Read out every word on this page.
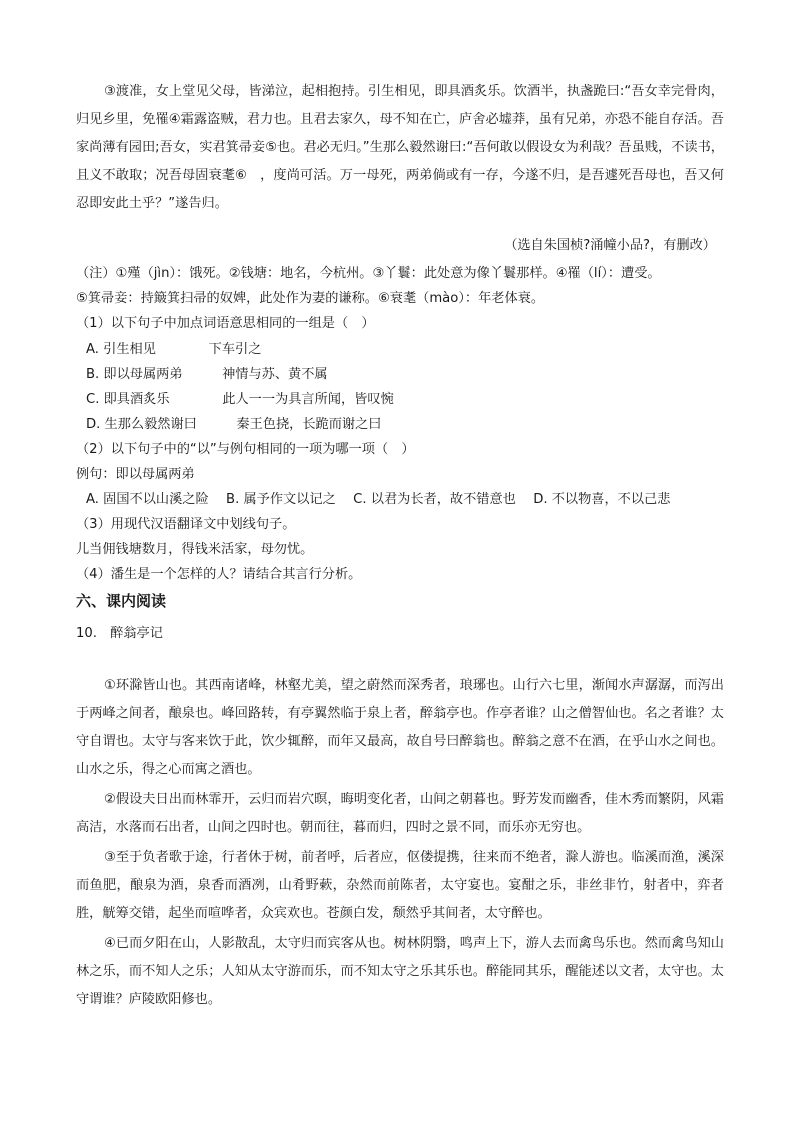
③渡准，女上堂见父母，皆涕泣，起相抱持。引生相见，即具酒炙乐。饮酒半，执盏跪曰:“吾女幸完骨肉，归见乡里，免罹④霜露盗贼，君力也。且君去家久，母不知在亡，庐舍必墟莽，虽有兄弟，亦恐不能自存活。吾家尚薄有园田;吾女，实君箕帚妾⑤也。君必无归。”生那么毅然谢曰:“吾何敢以假设女为利哉？吾虽贱，不读书，且义不敢取；况吾母固衰耄⑥　，度尚可活。万一母死，两弟倘或有一存，今遂不归，是吾遽死吾母也，吾又何忍即安此土乎？”遂告归。

（选自朱国桢?涌幢小品?，有删改）

（注）①殣（jìn）：饿死。②钱塘：地名，今杭州。③丫鬟：此处意为像丫鬟那样。④罹（lí）：遭受。

⑤箕帚妾：持簸箕扫帚的奴婢，此处作为妻的谦称。⑥衰耄（mào）：年老体衰。

（1）以下句子中加点词语意思相同的一组是（　）

A. 引生相见　　　　下车引之

B. 即以母属两弟　　　神情与苏、黄不属

C. 即具酒炙乐　　　　此人一一为具言所闻，皆叹惋

D. 生那么毅然谢曰　　　秦王色挠，长跪而谢之曰

（2）以下句子中的“以”与例句相同的一项为哪一项（　）

例句：即以母属两弟

A. 固国不以山溪之险　 B. 属予作文以记之　 C. 以君为长者，故不错意也　 D. 不以物喜，不以己悲

（3）用现代汉语翻译文中划线句子。

儿当佣钱塘数月，得钱米活家，母勿忧。

（4）潘生是一个怎样的人？请结合其言行分析。

六、课内阅读

10.　醉翁亭记

①环滁皆山也。其西南诸峰，林壑尤美，望之蔚然而深秀者，琅琊也。山行六七里，渐闻水声潺潺，而泻出于两峰之间者，酿泉也。峰回路转，有亭翼然临于泉上者，醉翁亭也。作亭者谁？山之僧智仙也。名之者谁？太守自谓也。太守与客来饮于此，饮少辄醉，而年又最高，故自号曰醉翁也。醉翁之意不在酒，在乎山水之间也。山水之乐，得之心而寓之酒也。

②假设夫日出而林霏开，云归而岩穴暝，晦明变化者，山间之朝暮也。野芳发而幽香，佳木秀而繁阴，风霜高洁，水落而石出者，山间之四时也。朝而往，暮而归，四时之景不同，而乐亦无穷也。

③至于负者歌于途，行者休于树，前者呼，后者应，伛偻提携，往来而不绝者，滁人游也。临溪而渔，溪深而鱼肥，酿泉为酒，泉香而酒冽，山肴野蔌，杂然而前陈者，太守宴也。宴酣之乐，非丝非竹，射者中，弈者胜，觥筹交错，起坐而喧哗者，众宾欢也。苍颜白发，颓然乎其间者，太守醉也。

④已而夕阳在山，人影散乱，太守归而宾客从也。树林阴翳，鸣声上下，游人去而禽鸟乐也。然而禽鸟知山林之乐，而不知人之乐；人知从太守游而乐，而不知太守之乐其乐也。醉能同其乐，醒能述以文者，太守也。太守谓谁？庐陵欧阳修也。
